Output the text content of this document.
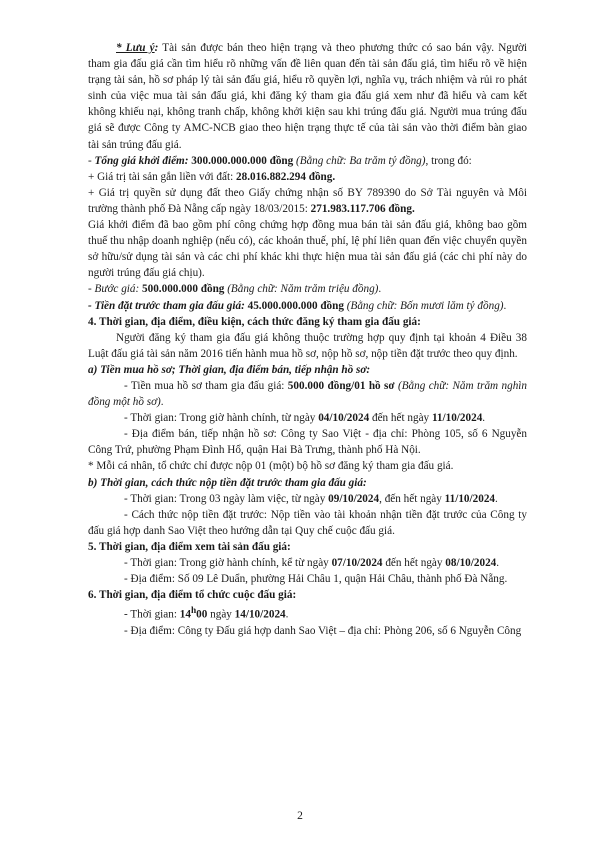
* Lưu ý: Tài sản được bán theo hiện trạng và theo phương thức có sao bán vậy. Người tham gia đấu giá cần tìm hiểu rõ những vấn đề liên quan đến tài sản đấu giá, tìm hiểu rõ về hiện trạng tài sản, hồ sơ pháp lý tài sản đấu giá, hiểu rõ quyền lợi, nghĩa vụ, trách nhiệm và rủi ro phát sinh của việc mua tài sản đấu giá, khi đăng ký tham gia đấu giá xem như đã hiểu và cam kết không khiếu nại, không tranh chấp, không khởi kiện sau khi trúng đấu giá. Người mua trúng đấu giá sẽ được Công ty AMC-NCB giao theo hiện trạng thực tế của tài sản vào thời điểm bàn giao tài sản trúng đấu giá.

- Tổng giá khởi điểm: 300.000.000.000 đồng (Bằng chữ: Ba trăm tỷ đồng), trong đó:

+ Giá trị tài sản gắn liền với đất: 28.016.882.294 đồng.

+ Giá trị quyền sử dụng đất theo Giấy chứng nhận số BY 789390 do Sở Tài nguyên và Môi trường thành phố Đà Nẵng cấp ngày 18/03/2015: 271.983.117.706 đồng.

Giá khởi điểm đã bao gồm phí công chứng hợp đồng mua bán tài sản đấu giá, không bao gồm thuế thu nhập doanh nghiệp (nếu có), các khoản thuế, phí, lệ phí liên quan đến việc chuyển quyền sở hữu/sử dụng tài sản và các chi phí khác khi thực hiện mua tài sản đấu giá (các chi phí này do người trúng đấu giá chịu).

- Bước giá: 500.000.000 đồng (Bằng chữ: Năm trăm triệu đồng).

- Tiền đặt trước tham gia đấu giá: 45.000.000.000 đồng (Bằng chữ: Bốn mươi lăm tỷ đồng).

4. Thời gian, địa điểm, điều kiện, cách thức đăng ký tham gia đấu giá:

Người đăng ký tham gia đấu giá không thuộc trường hợp quy định tại khoản 4 Điều 38 Luật đấu giá tài sản năm 2016 tiến hành mua hồ sơ, nộp hồ sơ, nộp tiền đặt trước theo quy định.

a) Tiền mua hồ sơ; Thời gian, địa điểm bán, tiếp nhận hồ sơ:

- Tiền mua hồ sơ tham gia đấu giá: 500.000 đồng/01 hồ sơ (Bằng chữ: Năm trăm nghìn đồng một hồ sơ).

- Thời gian: Trong giờ hành chính, từ ngày 04/10/2024 đến hết ngày 11/10/2024.

- Địa điểm bán, tiếp nhận hồ sơ: Công ty Sao Việt - địa chỉ: Phòng 105, số 6 Nguyễn Công Trứ, phường Phạm Đình Hổ, quận Hai Bà Trưng, thành phố Hà Nội.

* Mỗi cá nhân, tổ chức chỉ được nộp 01 (một) bộ hồ sơ đăng ký tham gia đấu giá.

b) Thời gian, cách thức nộp tiền đặt trước tham gia đấu giá:

- Thời gian: Trong 03 ngày làm việc, từ ngày 09/10/2024, đến hết ngày 11/10/2024.

- Cách thức nộp tiền đặt trước: Nộp tiền vào tài khoản nhận tiền đặt trước của Công ty đấu giá hợp danh Sao Việt theo hướng dẫn tại Quy chế cuộc đấu giá.

5. Thời gian, địa điểm xem tài sản đấu giá:

- Thời gian: Trong giờ hành chính, kể từ ngày 07/10/2024 đến hết ngày 08/10/2024.

- Địa điểm: Số 09 Lê Duẩn, phường Hải Châu 1, quận Hải Châu, thành phố Đà Nẵng.

6. Thời gian, địa điểm tổ chức cuộc đấu giá:

- Thời gian: 14$^h$00 ngày 14/10/2024.

- Địa điểm: Công ty Đấu giá hợp danh Sao Việt – địa chỉ: Phòng 206, số 6 Nguyễn Công

2
